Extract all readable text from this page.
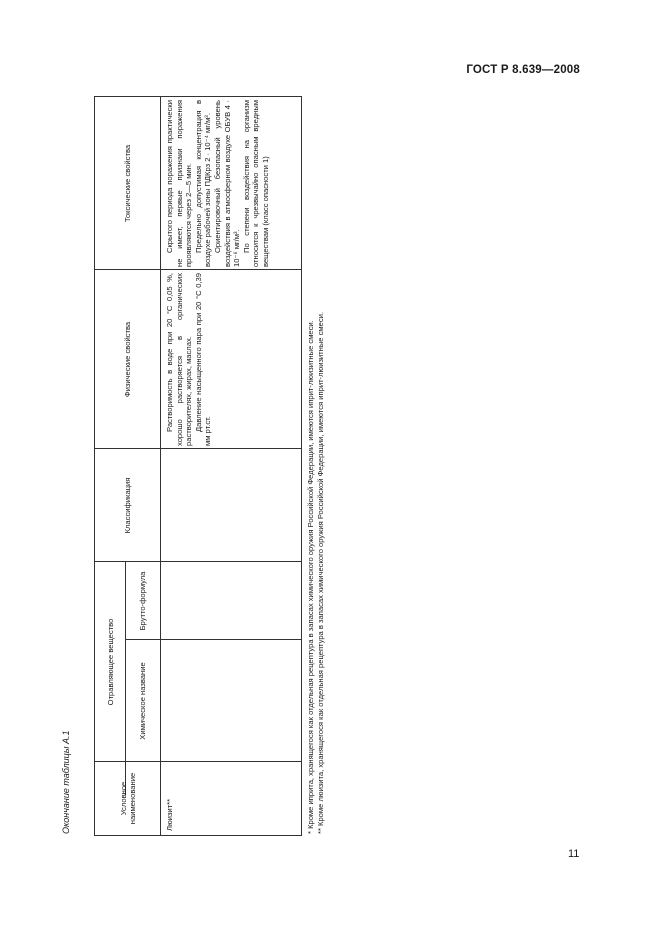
ГОСТ Р 8.639—2008
Окончание таблицы А.1	Условное наименование
Отравляющее вещество	Химическое название
Брутто-формула
Классификация
Физические свойства
Токсические свойства
Люизит**

Растворимость в воде при 20 °С 0,05 %, хорошо растворяется в органических растворителях, жирах, маслах. Давление насыщенного пара при 20 °С 0,39 мм рт.ст.

Скрытого периода поражения практически не имеет, первые признаки поражения проявляются через 2—5 мин. Предельно допустимая концентрация в воздухе рабочей зоны ПДКрз 2 · 10⁻⁴ мг/м³. Ориентировочный безопасный уровень воздействия в атмосферном воздухе ОБУВ 4 · 10⁻⁶ мг/м³. По степени воздействия на организм относится к чрезвычайно опасным вредным веществам (класс опасности 1)

* Кроме иприта, хранящегося как отдельная рецептура в запасах химического оружия Российской Федерации, имеются иприт-люизитные смеси. ** Кроме люизита, хранящегося как отдельная рецептура в запасах химического оружия Российской Федерации, имеются иприт-люизитные смеси.
11
